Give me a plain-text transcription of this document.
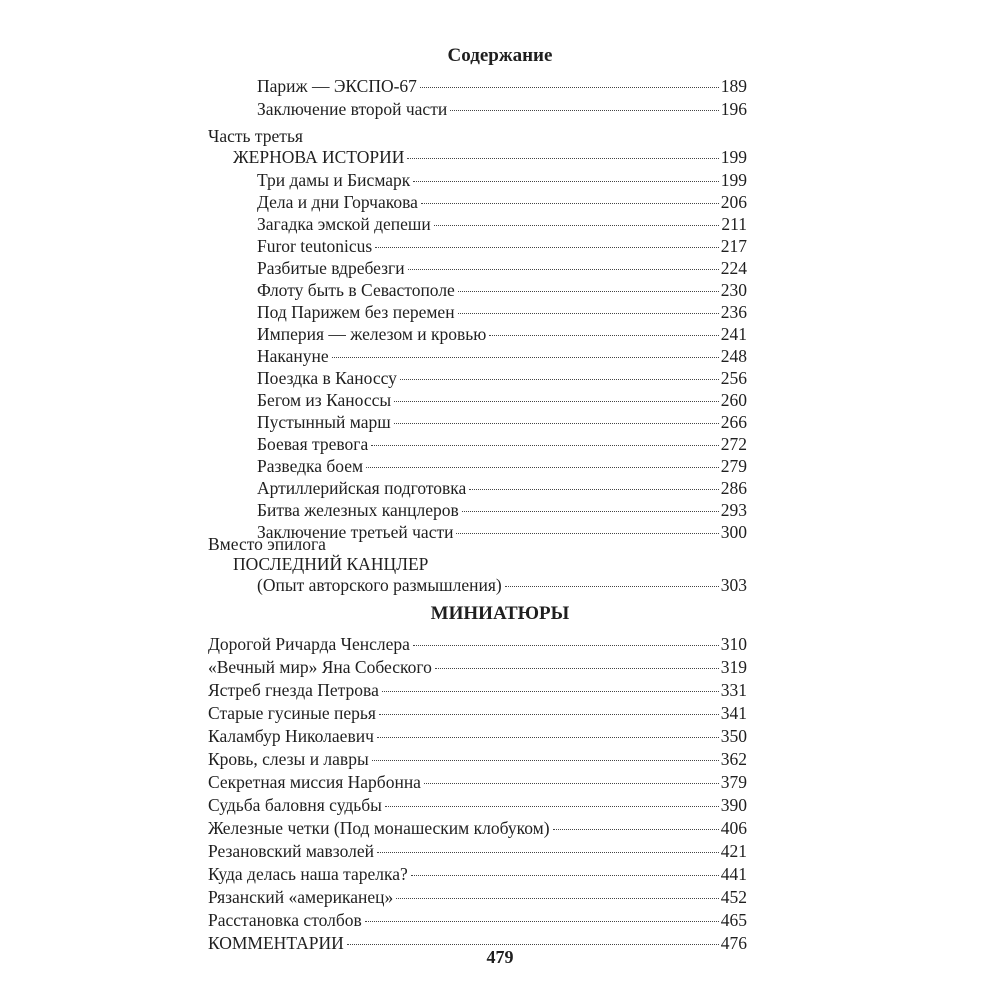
Содержание
Париж — ЭКСПО-67	189
Заключение второй части	196
Часть третья
ЖЕРНОВА ИСТОРИИ	199
Три дамы и Бисмарк	199
Дела и дни Горчакова	206
Загадка эмской депеши	211
Furor teutonicus	217
Разбитые вдребезги	224
Флоту быть в Севастополе	230
Под Парижем без перемен	236
Империя — железом и кровью	241
Накануне	248
Поездка в Каноссу	256
Бегом из Каноссы	260
Пустынный марш	266
Боевая тревога	272
Разведка боем	279
Артиллерийская подготовка	286
Битва железных канцлеров	293
Заключение третьей части	300
Вместо эпилога
ПОСЛЕДНИЙ КАНЦЛЕР
(Опыт авторского размышления)	303
МИНИАТЮРЫ
Дорогой Ричарда Ченслера	310
«Вечный мир» Яна Собеского	319
Ястреб гнезда Петрова	331
Старые гусиные перья	341
Каламбур Николаевич	350
Кровь, слезы и лавры	362
Секретная миссия Нарбонна	379
Судьба баловня судьбы	390
Железные четки (Под монашеским клобуком)	406
Резановский мавзолей	421
Куда делась наша тарелка?	441
Рязанский «американец»	452
Расстановка столбов	465
КОММЕНТАРИИ	476
479
